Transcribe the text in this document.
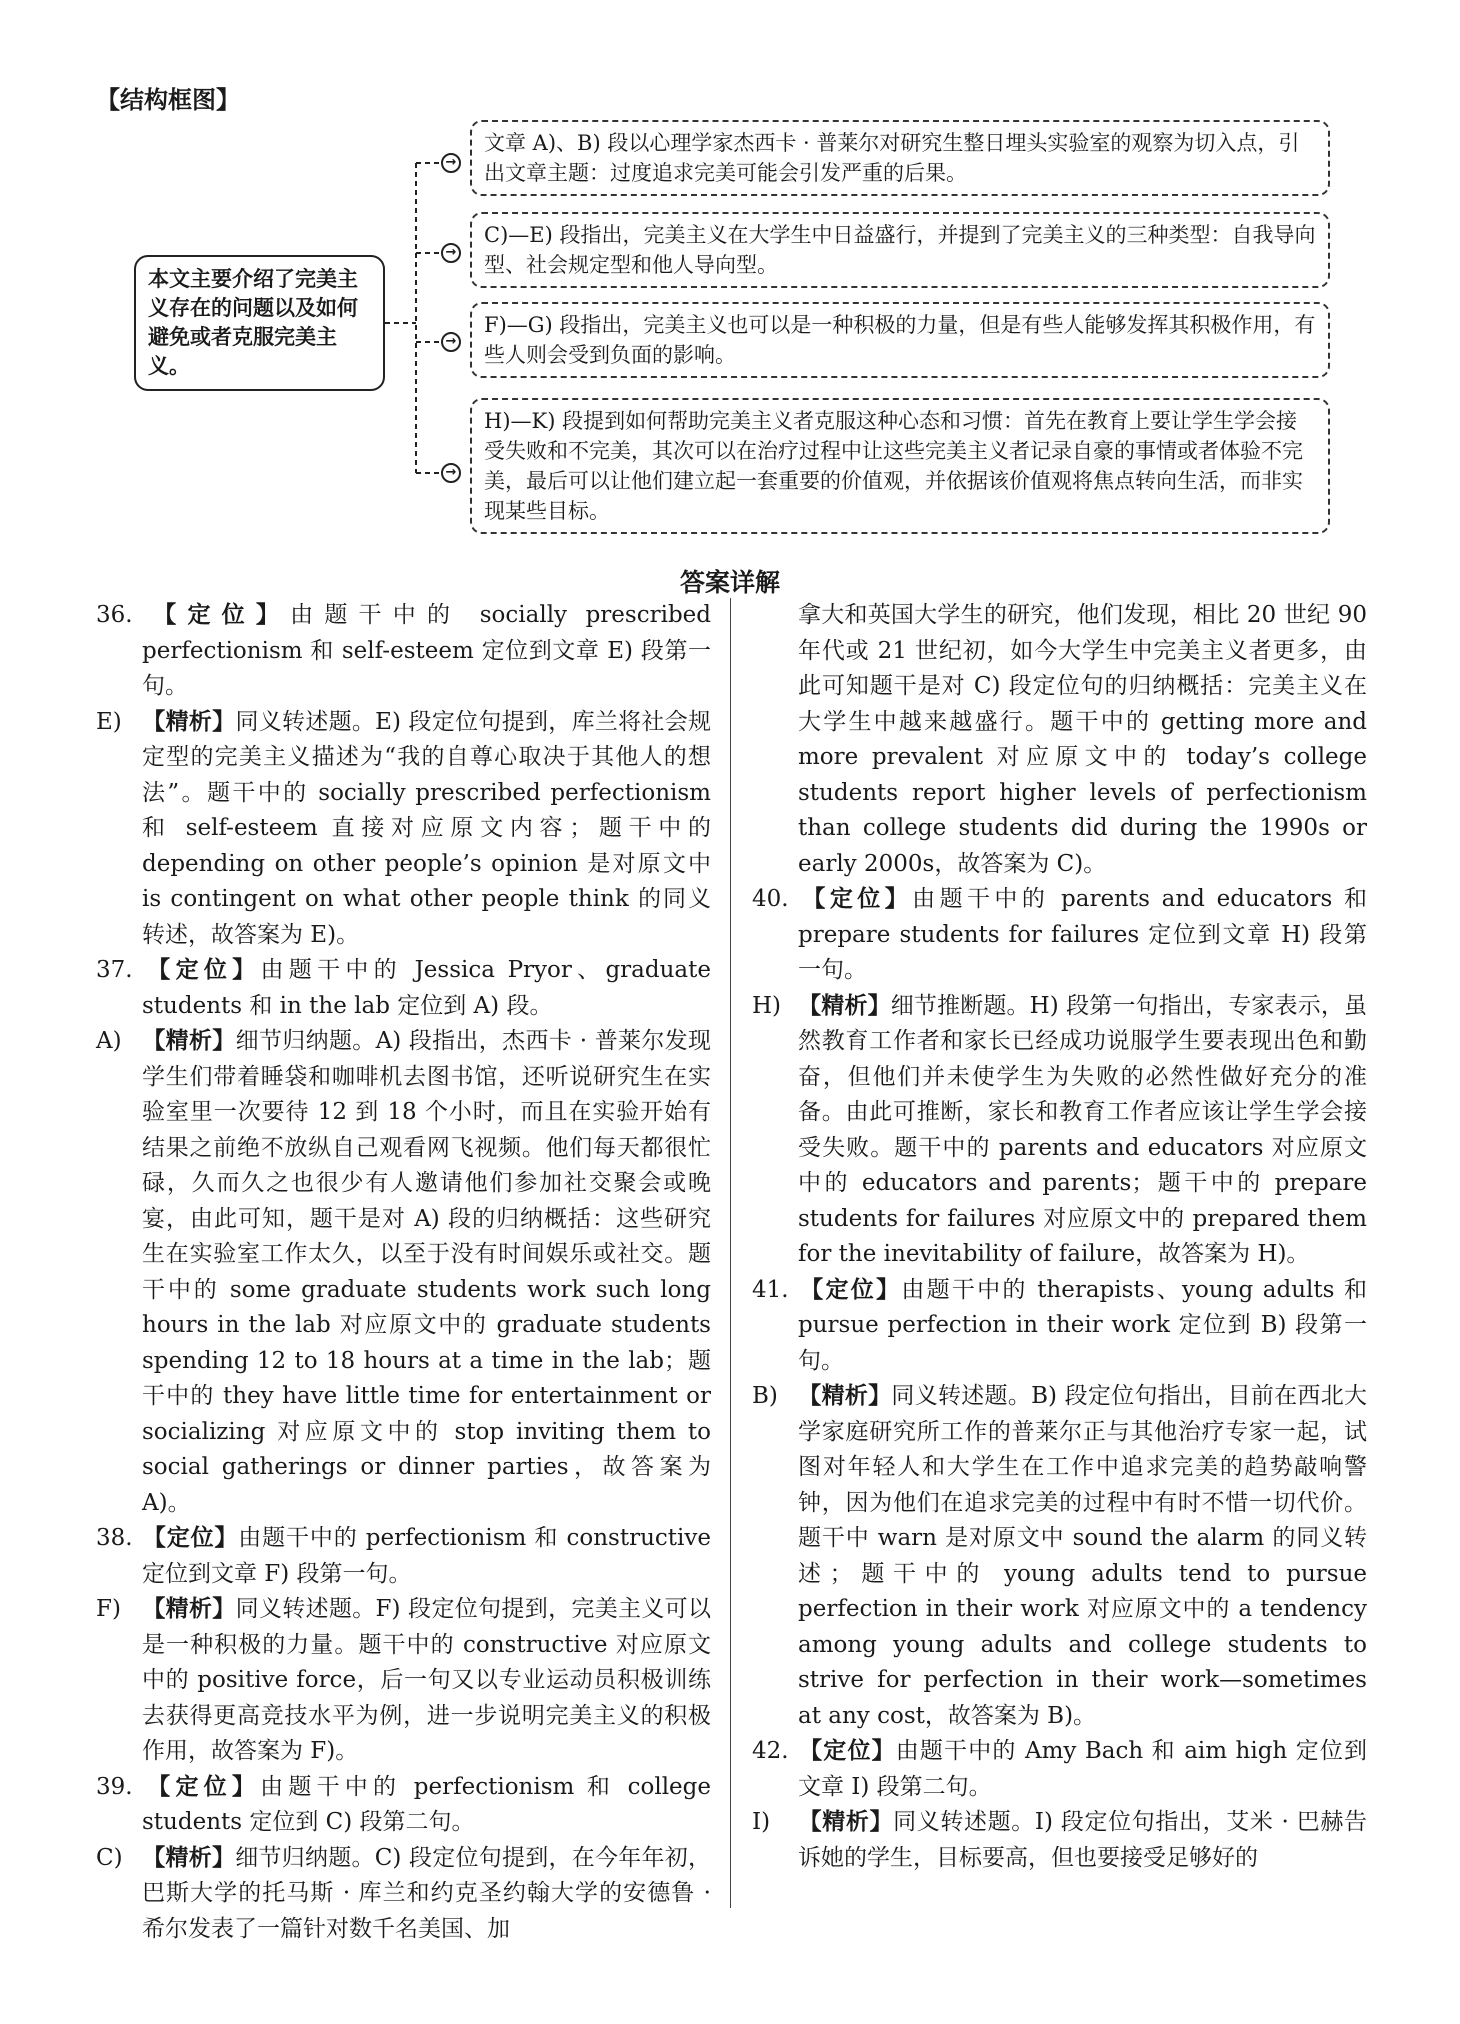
【结构框图】
本文主要介绍了完美主义存在的问题以及如何避免或者克服完美主义。
→
→
→
→
文章 A)、B) 段以心理学家杰西卡 · 普莱尔对研究生整日埋头实验室的观察为切入点，引出文章主题：过度追求完美可能会引发严重的后果。
C)—E) 段指出，完美主义在大学生中日益盛行，并提到了完美主义的三种类型：自我导向型、社会规定型和他人导向型。
F)—G) 段指出，完美主义也可以是一种积极的力量，但是有些人能够发挥其积极作用，有些人则会受到负面的影响。
H)—K) 段提到如何帮助完美主义者克服这种心态和习惯：首先在教育上要让学生学会接受失败和不完美，其次可以在治疗过程中让这些完美主义者记录自豪的事情或者体验不完美，最后可以让他们建立起一套重要的价值观，并依据该价值观将焦点转向生活，而非实现某些目标。
答案详解

36. 【定位】由题干中的 socially prescribed perfectionism 和 self-esteem 定位到文章 E) 段第一句。

E) 【精析】同义转述题。E) 段定位句提到，库兰将社会规定型的完美主义描述为“我的自尊心取决于其他人的想法”。题干中的 socially prescribed perfectionism 和 self-esteem 直接对应原文内容；题干中的 depending on other people’s opinion 是对原文中 is contingent on what other people think 的同义转述，故答案为 E)。

37. 【定位】由题干中的 Jessica Pryor、graduate students 和 in the lab 定位到 A) 段。

A) 【精析】细节归纳题。A) 段指出，杰西卡 · 普莱尔发现学生们带着睡袋和咖啡机去图书馆，还听说研究生在实验室里一次要待 12 到 18 个小时，而且在实验开始有结果之前绝不放纵自己观看网飞视频。他们每天都很忙碌，久而久之也很少有人邀请他们参加社交聚会或晚宴，由此可知，题干是对 A) 段的归纳概括：这些研究生在实验室工作太久，以至于没有时间娱乐或社交。题干中的 some graduate students work such long hours in the lab 对应原文中的 graduate students spending 12 to 18 hours at a time in the lab；题干中的 they have little time for entertainment or socializing 对应原文中的 stop inviting them to social gatherings or dinner parties，故答案为 A)。

38. 【定位】由题干中的 perfectionism 和 constructive 定位到文章 F) 段第一句。

F) 【精析】同义转述题。F) 段定位句提到，完美主义可以是一种积极的力量。题干中的 constructive 对应原文中的 positive force，后一句又以专业运动员积极训练去获得更高竞技水平为例，进一步说明完美主义的积极作用，故答案为 F)。

39. 【定位】由题干中的 perfectionism 和 college students 定位到 C) 段第二句。

C) 【精析】细节归纳题。C) 段定位句提到，在今年年初，巴斯大学的托马斯 · 库兰和约克圣约翰大学的安德鲁 · 希尔发表了一篇针对数千名美国、加

拿大和英国大学生的研究，他们发现，相比 20 世纪 90 年代或 21 世纪初，如今大学生中完美主义者更多，由此可知题干是对 C) 段定位句的归纳概括：完美主义在大学生中越来越盛行。题干中的 getting more and more prevalent 对应原文中的 today’s college students report higher levels of perfectionism than college students did during the 1990s or early 2000s，故答案为 C)。

40. 【定位】由题干中的 parents and educators 和 prepare students for failures 定位到文章 H) 段第一句。

H) 【精析】细节推断题。H) 段第一句指出，专家表示，虽然教育工作者和家长已经成功说服学生要表现出色和勤奋，但他们并未使学生为失败的必然性做好充分的准备。由此可推断，家长和教育工作者应该让学生学会接受失败。题干中的 parents and educators 对应原文中的 educators and parents；题干中的 prepare students for failures 对应原文中的 prepared them for the inevitability of failure，故答案为 H)。

41. 【定位】由题干中的 therapists、young adults 和 pursue perfection in their work 定位到 B) 段第一句。

B) 【精析】同义转述题。B) 段定位句指出，目前在西北大学家庭研究所工作的普莱尔正与其他治疗专家一起，试图对年轻人和大学生在工作中追求完美的趋势敲响警钟，因为他们在追求完美的过程中有时不惜一切代价。题干中 warn 是对原文中 sound the alarm 的同义转述；题干中的 young adults tend to pursue perfection in their work 对应原文中的 a tendency among young adults and college students to strive for perfection in their work—sometimes at any cost，故答案为 B)。

42. 【定位】由题干中的 Amy Bach 和 aim high 定位到文章 I) 段第二句。

I) 【精析】同义转述题。I) 段定位句指出，艾米 · 巴赫告诉她的学生，目标要高，但也要接受足够好的
